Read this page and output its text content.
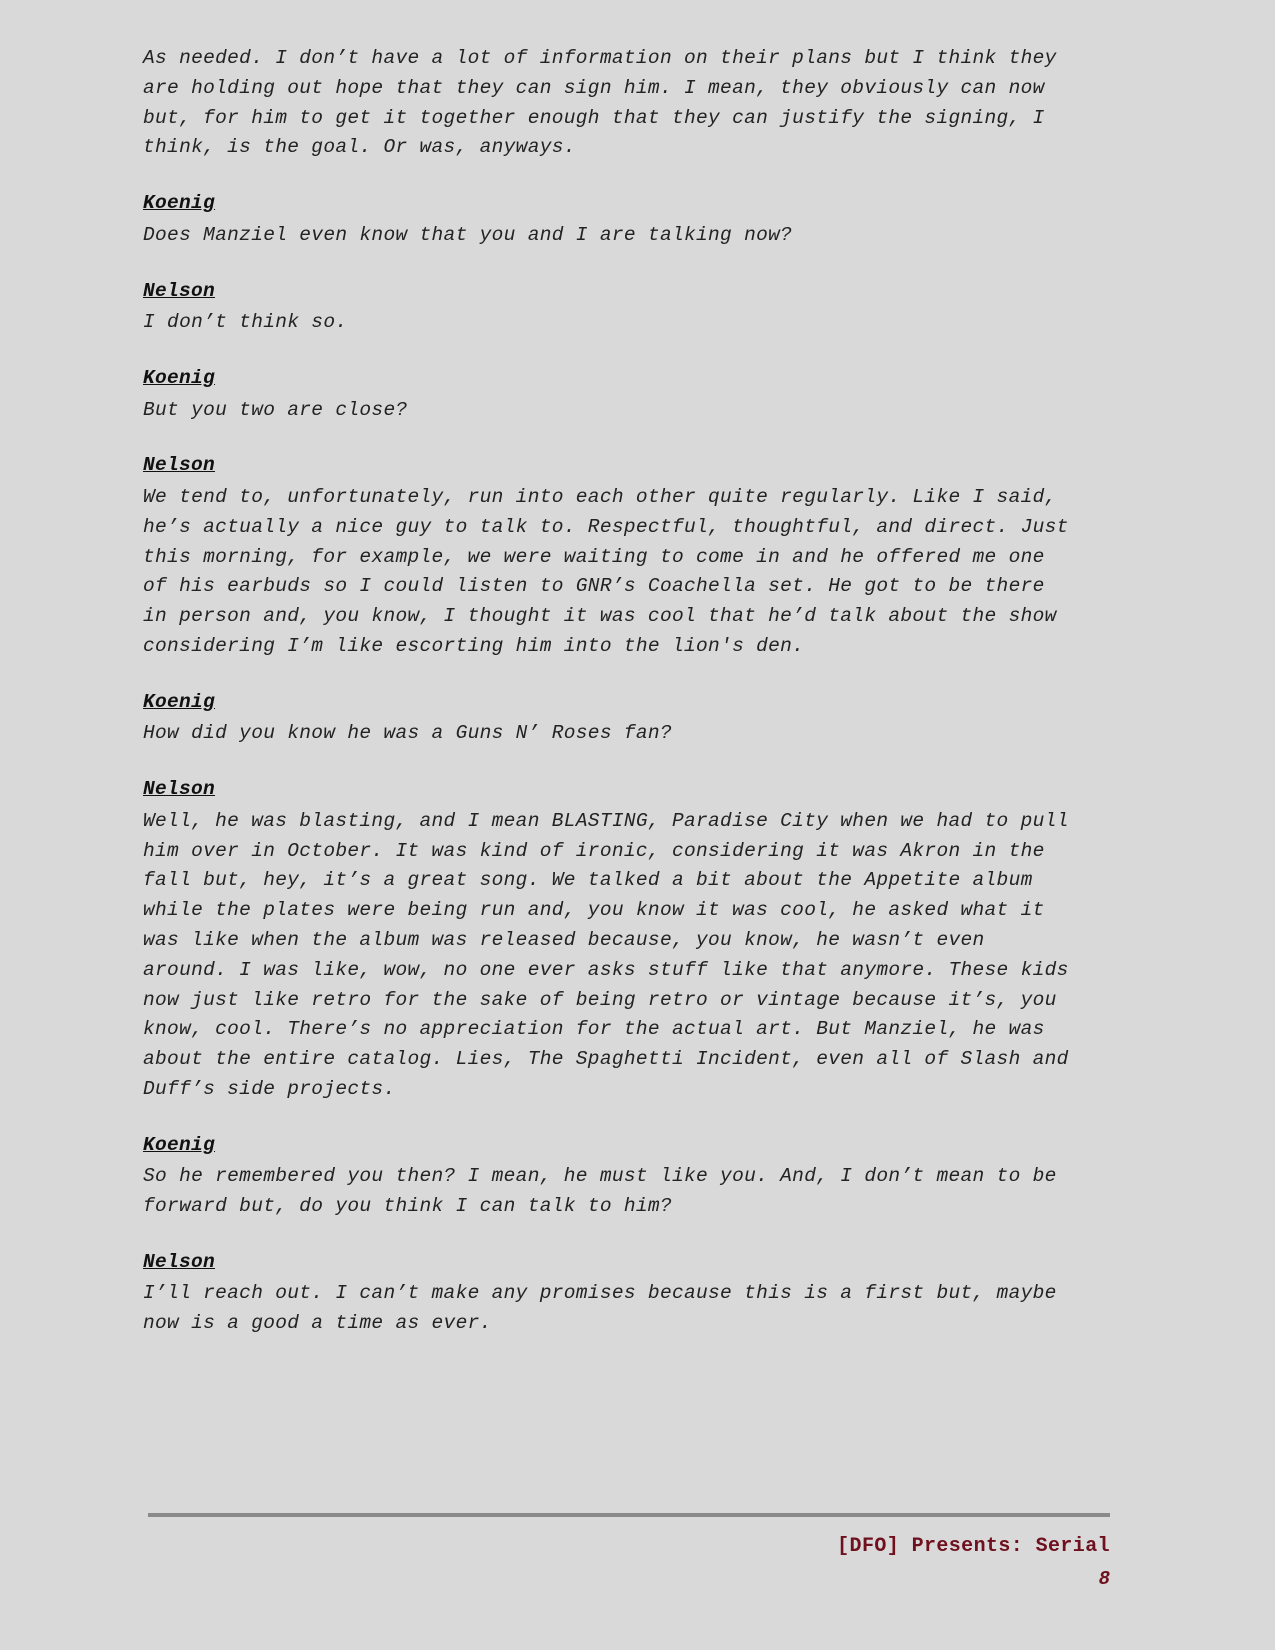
As needed. I don’t have a lot of information on their plans but I think they are holding out hope that they can sign him. I mean, they obviously can now but, for him to get it together enough that they can justify the signing, I think, is the goal. Or was, anyways.

Koenig

Does Manziel even know that you and I are talking now?

Nelson

I don’t think so.

Koenig

But you two are close?

Nelson

We tend to, unfortunately, run into each other quite regularly. Like I said, he’s actually a nice guy to talk to. Respectful, thoughtful, and direct. Just this morning, for example, we were waiting to come in and he offered me one of his earbuds so I could listen to GNR’s Coachella set. He got to be there in person and, you know, I thought it was cool that he’d talk about the show considering I’m like escorting him into the lion's den.

Koenig

How did you know he was a Guns N’ Roses fan?

Nelson

Well, he was blasting, and I mean BLASTING, Paradise City when we had to pull him over in October. It was kind of ironic, considering it was Akron in the fall but, hey, it’s a great song. We talked a bit about the Appetite album while the plates were being run and, you know it was cool, he asked what it was like when the album was released because, you know, he wasn’t even around. I was like, wow, no one ever asks stuff like that anymore. These kids now just like retro for the sake of being retro or vintage because it’s, you know, cool. There’s no appreciation for the actual art. But Manziel, he was about the entire catalog. Lies, The Spaghetti Incident, even all of Slash and Duff’s side projects.

Koenig

So he remembered you then? I mean, he must like you. And, I don’t mean to be forward but, do you think I can talk to him?

Nelson

I’ll reach out. I can’t make any promises because this is a first but, maybe now is a good a time as ever.

[DFO] Presents: Serial
8
